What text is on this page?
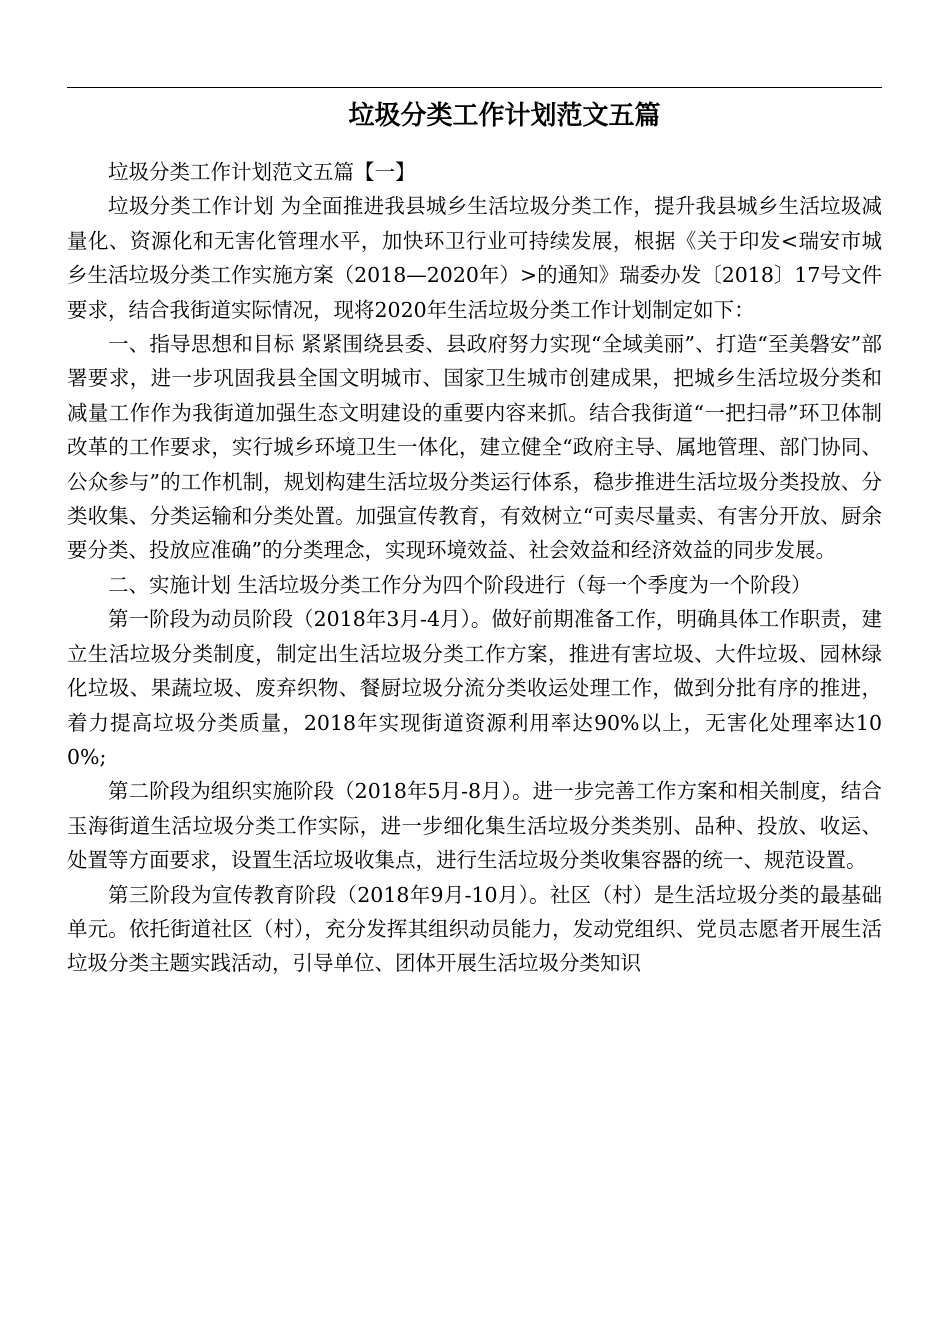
垃圾分类工作计划范文五篇

垃圾分类工作计划范文五篇【一】

垃圾分类工作计划 为全面推进我县城乡生活垃圾分类工作，提升我县城乡生活垃圾减量化、资源化和无害化管理水平，加快环卫行业可持续发展，根据《关于印发<瑞安市城乡生活垃圾分类工作实施方案（2018—2020年）>的通知》瑞委办发〔2018〕17号文件要求，结合我街道实际情况，现将2020年生活垃圾分类工作计划制定如下：

一、指导思想和目标 紧紧围绕县委、县政府努力实现“全域美丽”、打造“至美磐安”部署要求，进一步巩固我县全国文明城市、国家卫生城市创建成果，把城乡生活垃圾分类和减量工作作为我街道加强生态文明建设的重要内容来抓。结合我街道“一把扫帚”环卫体制改革的工作要求，实行城乡环境卫生一体化，建立健全“政府主导、属地管理、部门协同、公众参与”的工作机制，规划构建生活垃圾分类运行体系，稳步推进生活垃圾分类投放、分类收集、分类运输和分类处置。加强宣传教育，有效树立“可卖尽量卖、有害分开放、厨余要分类、投放应准确”的分类理念，实现环境效益、社会效益和经济效益的同步发展。

二、实施计划 生活垃圾分类工作分为四个阶段进行（每一个季度为一个阶段）

第一阶段为动员阶段（2018年3月-4月）。做好前期准备工作，明确具体工作职责，建立生活垃圾分类制度，制定出生活垃圾分类工作方案，推进有害垃圾、大件垃圾、园林绿化垃圾、果蔬垃圾、废弃织物、餐厨垃圾分流分类收运处理工作，做到分批有序的推进，着力提高垃圾分类质量，2018年实现街道资源利用率达90%以上，无害化处理率达100%;

第二阶段为组织实施阶段（2018年5月-8月）。进一步完善工作方案和相关制度，结合玉海街道生活垃圾分类工作实际，进一步细化集生活垃圾分类类别、品种、投放、收运、处置等方面要求，设置生活垃圾收集点，进行生活垃圾分类收集容器的统一、规范设置。

第三阶段为宣传教育阶段（2018年9月-10月）。社区（村）是生活垃圾分类的最基础单元。依托街道社区（村），充分发挥其组织动员能力，发动党组织、党员志愿者开展生活垃圾分类主题实践活动，引导单位、团体开展生活垃圾分类知识
